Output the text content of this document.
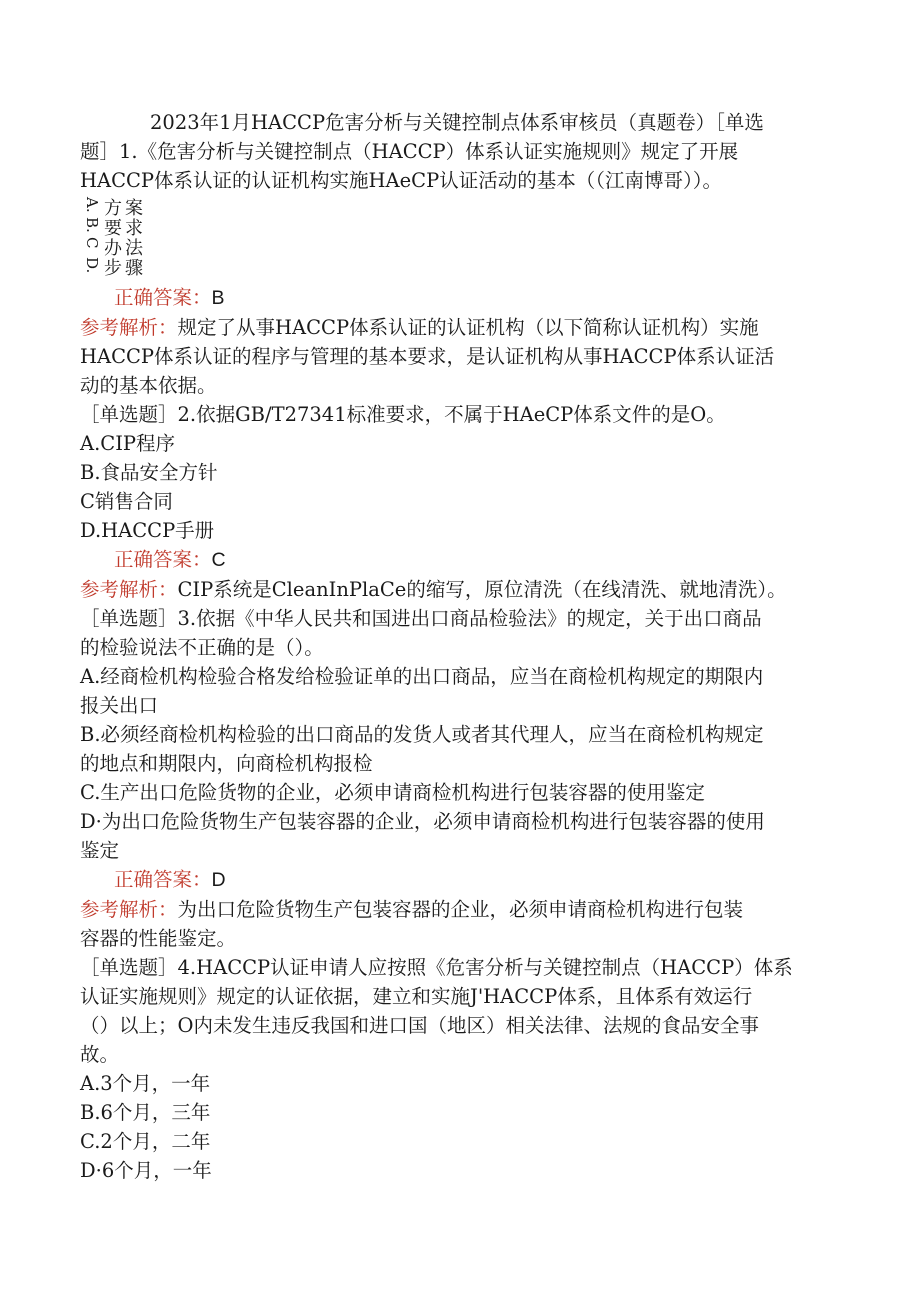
2023年1月HACCP危害分析与关键控制点体系审核员（真题卷）［单选

题］1.《危害分析与关键控制点（HACCP）体系认证实施规则》规定了开展

HACCP体系认证的认证机构实施HAeCP认证活动的基本（（江南博哥））。

A.
B.
C
D.
方案
要求
办法
步骤

正确答案：B

参考解析：规定了从事HACCP体系认证的认证机构（以下简称认证机构）实施

HACCP体系认证的程序与管理的基本要求，是认证机构从事HACCP体系认证活

动的基本依据。

［单选题］2.依据GB/T27341标准要求，不属于HAeCP体系文件的是O。

A.CIP程序

B.食品安全方针

C销售合同

D.HACCP手册

正确答案：C

参考解析：CIP系统是CleanInPlaCe的缩写，原位清洗（在线清洗、就地清洗）。

［单选题］3.依据《中华人民共和国进出口商品检验法》的规定，关于出口商品

的检验说法不正确的是（）。

A.经商检机构检验合格发给检验证单的出口商品，应当在商检机构规定的期限内

报关出口

B.必须经商检机构检验的出口商品的发货人或者其代理人，应当在商检机构规定

的地点和期限内，向商检机构报检

C.生产出口危险货物的企业，必须申请商检机构进行包装容器的使用鉴定

D·为出口危险货物生产包装容器的企业，必须申请商检机构进行包装容器的使用

鉴定

正确答案：D

参考解析：为出口危险货物生产包装容器的企业，必须申请商检机构进行包装

容器的性能鉴定。

［单选题］4.HACCP认证申请人应按照《危害分析与关键控制点（HACCP）体系

认证实施规则》规定的认证依据，建立和实施J'HACCP体系，且体系有效运行

（）以上；O内未发生违反我国和进口国（地区）相关法律、法规的食品安全事

故。

A.3个月，一年

B.6个月，三年

C.2个月，二年

D·6个月，一年
